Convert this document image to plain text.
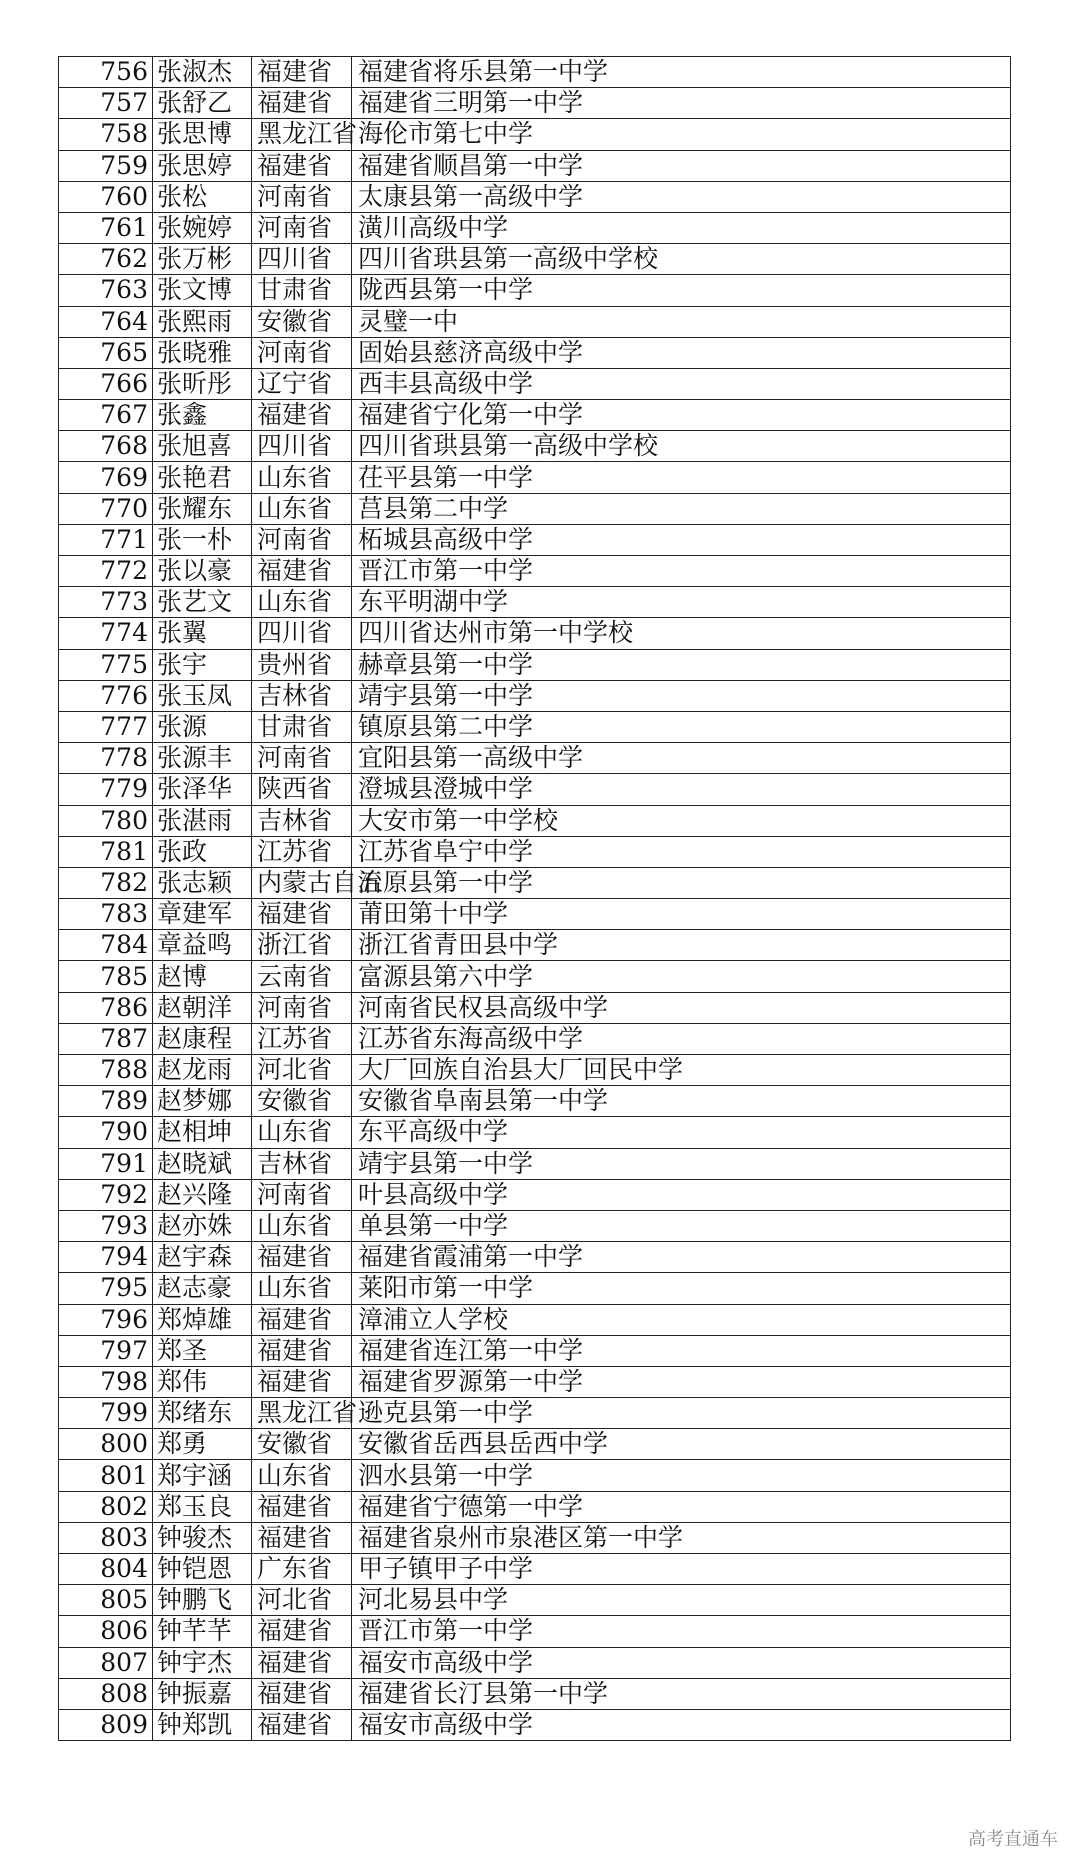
756	张淑杰	福建省	福建省将乐县第一中学
757	张舒乙	福建省	福建省三明第一中学
758	张思博	黑龙江省	海伦市第七中学
759	张思婷	福建省	福建省顺昌第一中学
760	张松	河南省	太康县第一高级中学
761	张婉婷	河南省	潢川高级中学
762	张万彬	四川省	四川省珙县第一高级中学校
763	张文博	甘肃省	陇西县第一中学
764	张熙雨	安徽省	灵璧一中
765	张晓雅	河南省	固始县慈济高级中学
766	张昕彤	辽宁省	西丰县高级中学
767	张鑫	福建省	福建省宁化第一中学
768	张旭喜	四川省	四川省珙县第一高级中学校
769	张艳君	山东省	茌平县第一中学
770	张耀东	山东省	莒县第二中学
771	张一朴	河南省	柘城县高级中学
772	张以豪	福建省	晋江市第一中学
773	张艺文	山东省	东平明湖中学
774	张翼	四川省	四川省达州市第一中学校
775	张宇	贵州省	赫章县第一中学
776	张玉凤	吉林省	靖宇县第一中学
777	张源	甘肃省	镇原县第二中学
778	张源丰	河南省	宜阳县第一高级中学
779	张泽华	陕西省	澄城县澄城中学
780	张湛雨	吉林省	大安市第一中学校
781	张政	江苏省	江苏省阜宁中学
782	张志颖	内蒙古自治	五原县第一中学
783	章建军	福建省	莆田第十中学
784	章益鸣	浙江省	浙江省青田县中学
785	赵博	云南省	富源县第六中学
786	赵朝洋	河南省	河南省民权县高级中学
787	赵康程	江苏省	江苏省东海高级中学
788	赵龙雨	河北省	大厂回族自治县大厂回民中学
789	赵梦娜	安徽省	安徽省阜南县第一中学
790	赵相坤	山东省	东平高级中学
791	赵晓斌	吉林省	靖宇县第一中学
792	赵兴隆	河南省	叶县高级中学
793	赵亦姝	山东省	单县第一中学
794	赵宇森	福建省	福建省霞浦第一中学
795	赵志豪	山东省	莱阳市第一中学
796	郑焯雄	福建省	漳浦立人学校
797	郑圣	福建省	福建省连江第一中学
798	郑伟	福建省	福建省罗源第一中学
799	郑绪东	黑龙江省	逊克县第一中学
800	郑勇	安徽省	安徽省岳西县岳西中学
801	郑宇涵	山东省	泗水县第一中学
802	郑玉良	福建省	福建省宁德第一中学
803	钟骏杰	福建省	福建省泉州市泉港区第一中学
804	钟铠恩	广东省	甲子镇甲子中学
805	钟鹏飞	河北省	河北易县中学
806	钟芊芊	福建省	晋江市第一中学
807	钟宇杰	福建省	福安市高级中学
808	钟振嘉	福建省	福建省长汀县第一中学
809	钟郑凯	福建省	福安市高级中学
高考直通车
